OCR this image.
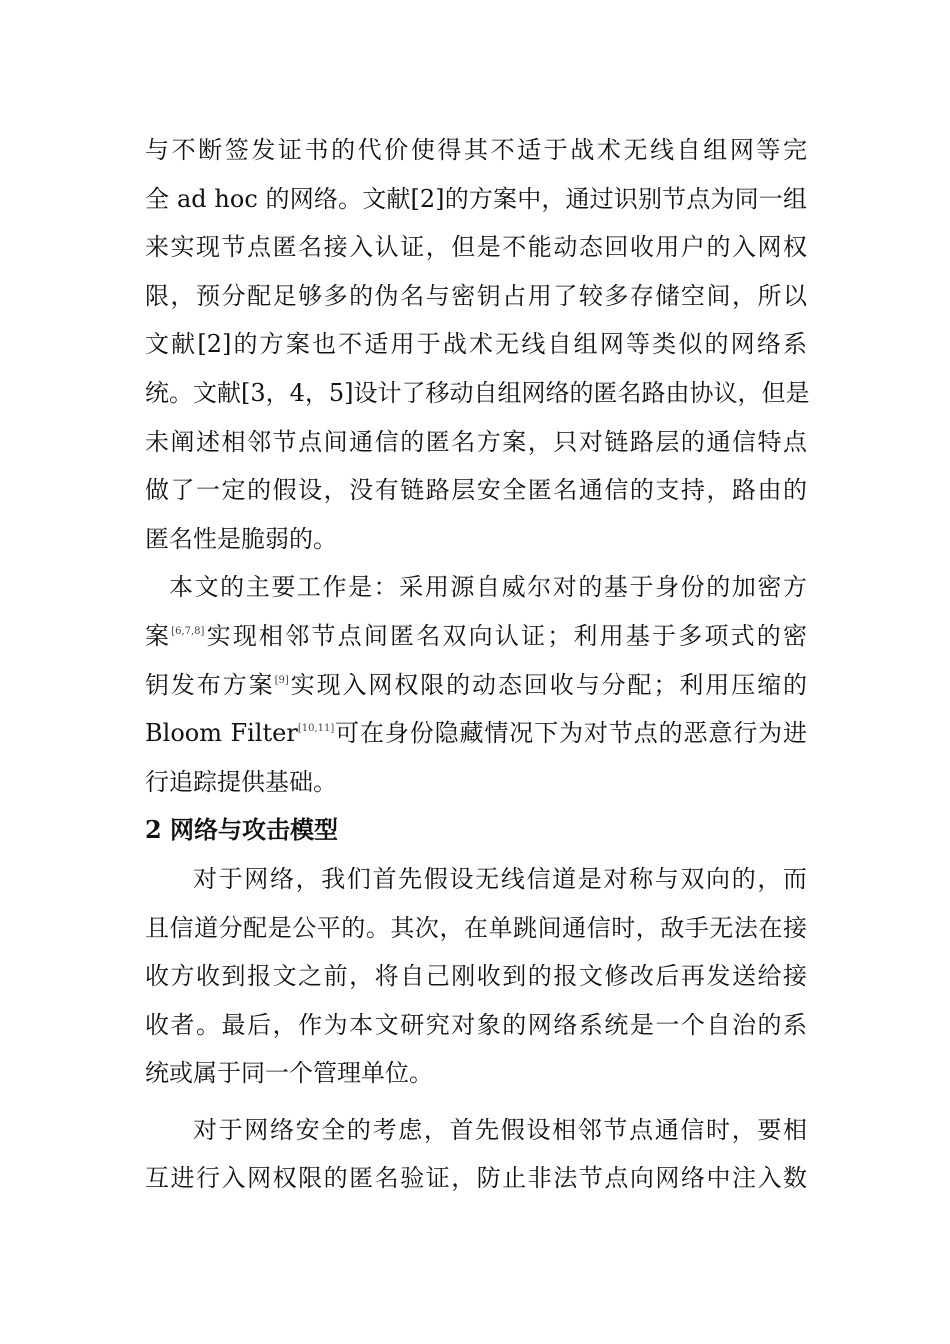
与不断签发证书的代价使得其不适于战术无线自组网等完
全 ad hoc 的网络。文献[2]的方案中，通过识别节点为同一组
来实现节点匿名接入认证，但是不能动态回收用户的入网权
限，预分配足够多的伪名与密钥占用了较多存储空间，所以
文献[2]的方案也不适用于战术无线自组网等类似的网络系
统。文献[3，4，5]设计了移动自组网络的匿名路由协议，但是
未阐述相邻节点间通信的匿名方案，只对链路层的通信特点
做了一定的假设，没有链路层安全匿名通信的支持，路由的
匿名性是脆弱的。
本文的主要工作是：采用源自威尔对的基于身份的加密方
案[6,7,8]实现相邻节点间匿名双向认证；利用基于多项式的密
钥发布方案[9]实现入网权限的动态回收与分配；利用压缩的
Bloom Filter[10,11]可在身份隐藏情况下为对节点的恶意行为进
行追踪提供基础。
2 网络与攻击模型
对于网络，我们首先假设无线信道是对称与双向的，而
且信道分配是公平的。其次，在单跳间通信时，敌手无法在接
收方收到报文之前，将自己刚收到的报文修改后再发送给接
收者。最后，作为本文研究对象的网络系统是一个自治的系
统或属于同一个管理单位。
对于网络安全的考虑，首先假设相邻节点通信时，要相
互进行入网权限的匿名验证，防止非法节点向网络中注入数
